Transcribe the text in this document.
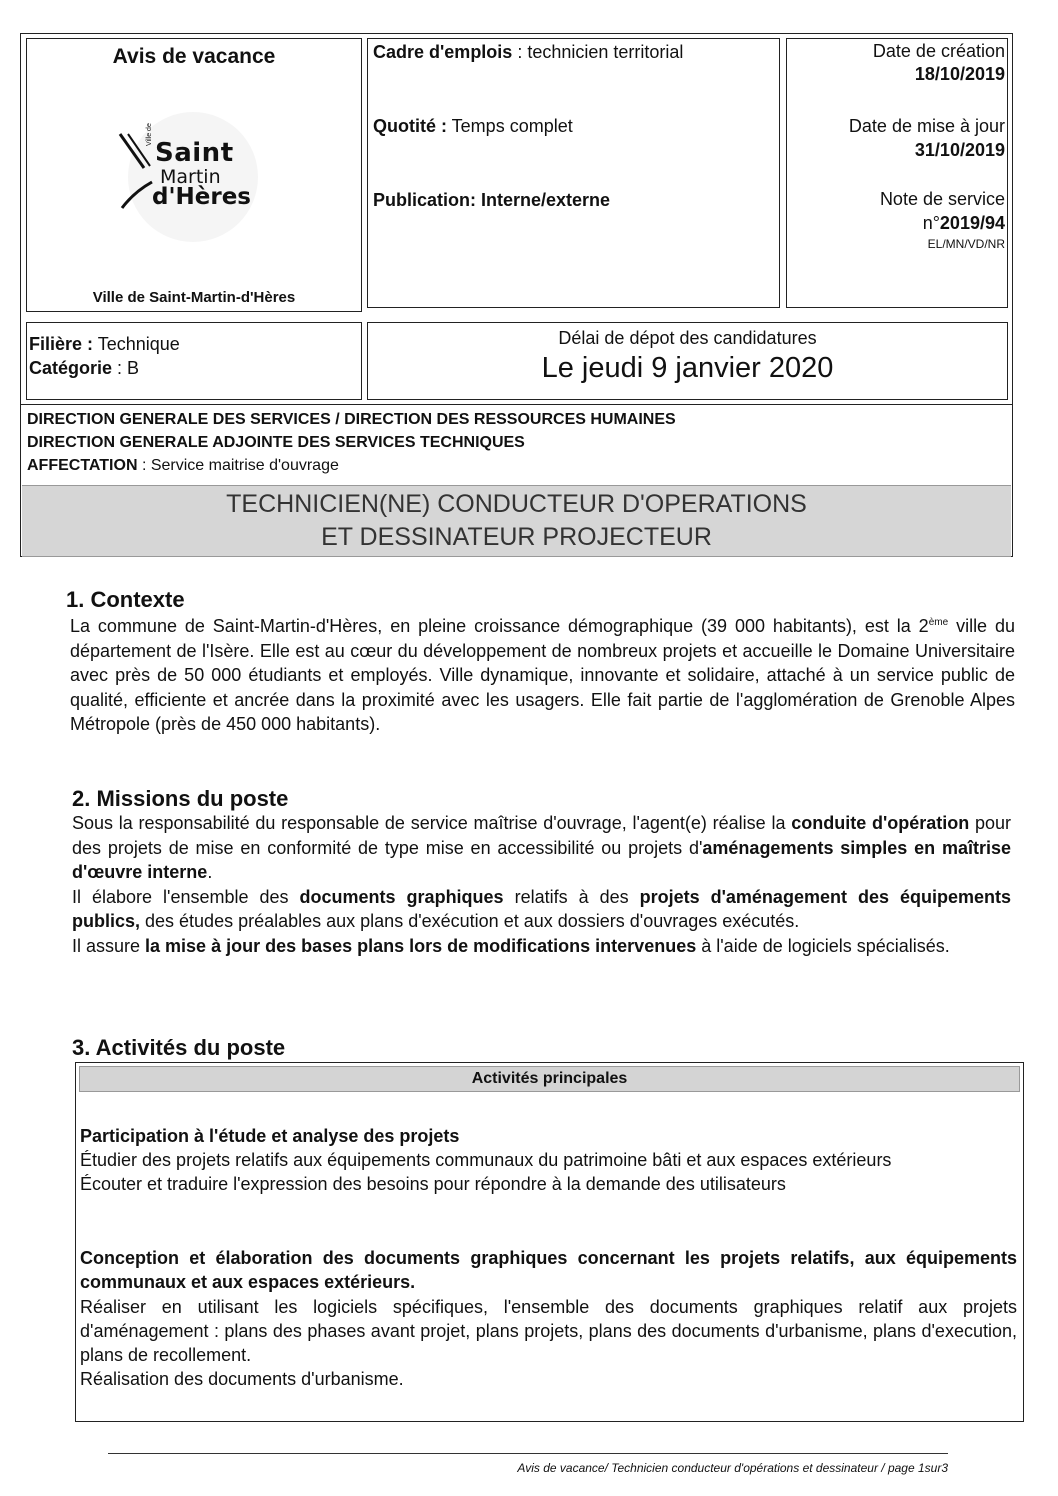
Avis de vacance
Ville de
Saint
Martin
d'Hères
Ville de Saint-Martin-d'Hères
Cadre d'emplois : technicien territorial
Quotité : Temps complet
Publication: Interne/externe
Date de création
18/10/2019
Date de mise à jour
31/10/2019
Note de service
n°2019/94
EL/MN/VD/NR
Filière : Technique
Catégorie : B
Délai de dépot des candidatures
Le jeudi 9 janvier 2020
DIRECTION GENERALE DES SERVICES / DIRECTION DES RESSOURCES HUMAINES
DIRECTION GENERALE ADJOINTE DES SERVICES TECHNIQUES
AFFECTATION : Service maitrise d'ouvrage
TECHNICIEN(NE) CONDUCTEUR D'OPERATIONS
ET DESSINATEUR PROJECTEUR
1. Contexte

La commune de Saint-Martin-d'Hères, en pleine croissance démographique (39 000 habitants), est la 2ème ville du département de l'Isère. Elle est au cœur du développement de nombreux projets et accueille le Domaine Universitaire avec près de 50 000 étudiants et employés. Ville dynamique, innovante et solidaire, attaché à un service public de qualité, efficiente et ancrée dans la proximité avec les usagers. Elle fait partie de l'agglomération de Grenoble Alpes Métropole (près de 450 000 habitants).

2. Missions du poste

Sous la responsabilité du responsable de service maîtrise d'ouvrage, l'agent(e) réalise la conduite d'opération pour des projets de mise en conformité de type mise en accessibilité ou projets d'aménagements simples en maîtrise d'œuvre interne.

Il élabore l'ensemble des documents graphiques relatifs à des projets d'aménagement des équipements publics, des études préalables aux plans d'exécution et aux dossiers d'ouvrages exécutés.

Il assure la mise à jour des bases plans lors de modifications intervenues à l'aide de logiciels spécialisés.

3. Activités du poste
Activités principales
Participation à l'étude et analyse des projets
Étudier des projets relatifs aux équipements communaux du patrimoine bâti et aux espaces extérieurs
Écouter et traduire l'expression des besoins pour répondre à la demande des utilisateurs
Conception et élaboration des documents graphiques concernant les projets relatifs, aux équipements communaux et aux espaces extérieurs.
Réaliser en utilisant les logiciels spécifiques, l'ensemble des documents graphiques relatif aux projets d'aménagement : plans des phases avant projet, plans projets, plans des documents d'urbanisme, plans d'execution, plans de recollement.
Réalisation des documents d'urbanisme.
Avis de vacance/ Technicien conducteur d'opérations et dessinateur / page 1sur3
